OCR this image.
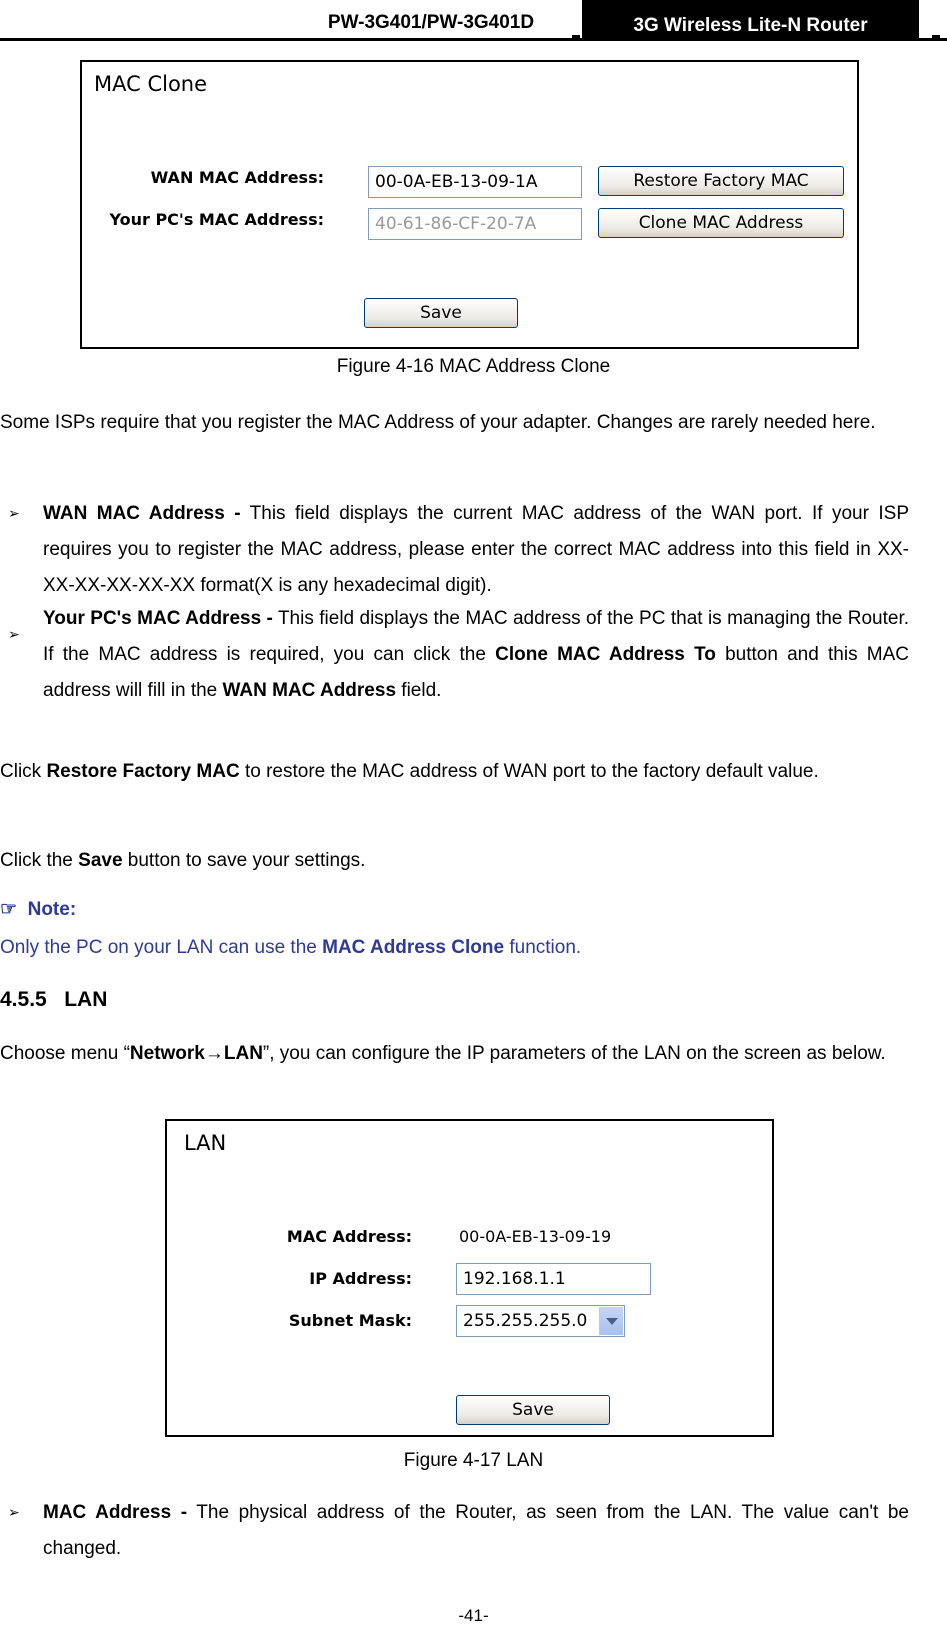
PW-3G401/PW-3G401D	3G Wireless Lite-N Router
MAC Clone
WAN MAC Address:	00-0A-EB-13-09-1A	Restore Factory MAC
Your PC's MAC Address:	40-61-86-CF-20-7A	Clone MAC Address
Save
Figure 4-16 MAC Address Clone
Some ISPs require that you register the MAC Address of your adapter. Changes are rarely needed here.
➢ WAN MAC Address - This field displays the current MAC address of the WAN port. If your ISP requires you to register the MAC address, please enter the correct MAC address into this field in XX-XX-XX-XX-XX-XX format(X is any hexadecimal digit).
➢
Your PC's MAC Address - This field displays the MAC address of the PC that is managing the Router. If the MAC address is required, you can click the Clone MAC Address To button and this MAC address will fill in the WAN MAC Address field.
Click Restore Factory MAC to restore the MAC address of WAN port to the factory default value.
Click the Save button to save your settings.
☞ Note:
Only the PC on your LAN can use the MAC Address Clone function.
4.5.5 LAN
Choose menu “Network→LAN”, you can configure the IP parameters of the LAN on the screen as below.
LAN
MAC Address:	00-0A-EB-13-09-19
IP Address:	192.168.1.1
Subnet Mask:	255.255.255.0
Save
Figure 4-17 LAN
➢ MAC Address - The physical address of the Router, as seen from the LAN. The value can't be changed.
-41-
